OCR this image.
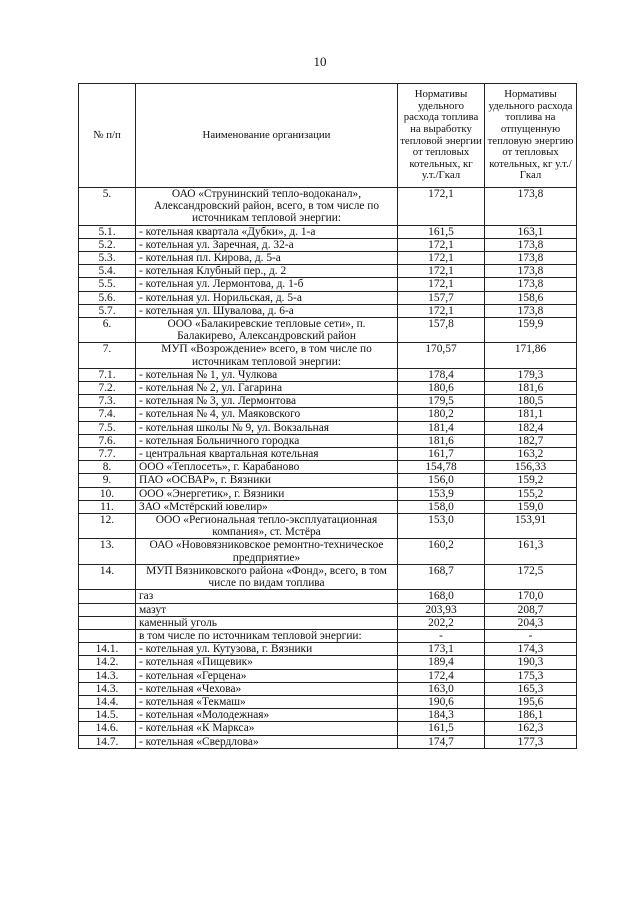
10
№ п/п	Наименование организации	Нормативы удельного расхода топлива на выработку тепловой энергии от тепловых котельных, кг у.т./Гкал	Нормативы удельного расхода топлива на отпущенную тепловую энергию от тепловых котельных, кг у.т./Гкал
5.	ОАО «Струнинский тепло-водоканал», Александровский район, всего, в том числе по источникам тепловой энергии:	172,1	173,8
5.1.	- котельная квартала «Дубки», д. 1-а	161,5	163,1
5.2.	- котельная ул. Заречная, д. 32-а	172,1	173,8
5.3.	- котельная пл. Кирова, д. 5-а	172,1	173,8
5.4.	- котельная Клубный пер., д. 2	172,1	173,8
5.5.	- котельная ул. Лермонтова, д. 1-б	172,1	173,8
5.6.	- котельная ул. Норильская, д. 5-а	157,7	158,6
5.7.	- котельная ул. Шувалова, д. 6-а	172,1	173,8
6.	ООО «Балакиревские тепловые сети», п. Балакирево, Александровский район	157,8	159,9
7.	МУП «Возрождение» всего, в том числе по источникам тепловой энергии:	170,57	171,86
7.1.	- котельная № 1, ул. Чулкова	178,4	179,3
7.2.	- котельная № 2, ул. Гагарина	180,6	181,6
7.3.	- котельная № 3, ул. Лермонтова	179,5	180,5
7.4.	- котельная № 4, ул. Маяковского	180,2	181,1
7.5.	- котельная школы № 9, ул. Вокзальная	181,4	182,4
7.6.	- котельная Больничного городка	181,6	182,7
7.7.	- центральная квартальная котельная	161,7	163,2
8.	ООО «Теплосеть», г. Карабаново	154,78	156,33
9.	ПАО «ОСВАР», г. Вязники	156,0	159,2
10.	ООО «Энергетик», г. Вязники	153,9	155,2
11.	ЗАО «Мстёрский ювелир»	158,0	159,0
12.	ООО «Региональная тепло-эксплуатационная компания», ст. Мстёра	153,0	153,91
13.	ОАО «Нововязниковское ремонтно-техническое предприятие»	160,2	161,3
14.	МУП Вязниковского района «Фонд», всего, в том числе по видам топлива	168,7	172,5
	газ	168,0	170,0
	мазут	203,93	208,7
	каменный уголь	202,2	204,3
	в том числе по источникам тепловой энергии:	-	-
14.1.	- котельная ул. Кутузова, г. Вязники	173,1	174,3
14.2.	- котельная «Пищевик»	189,4	190,3
14.3.	- котельная «Герцена»	172,4	175,3
14.3.	- котельная «Чехова»	163,0	165,3
14.4.	- котельная «Текмаш»	190,6	195,6
14.5.	- котельная «Молодежная»	184,3	186,1
14.6.	- котельная «К Маркса»	161,5	162,3
14.7.	- котельная «Свердлова»	174,7	177,3
